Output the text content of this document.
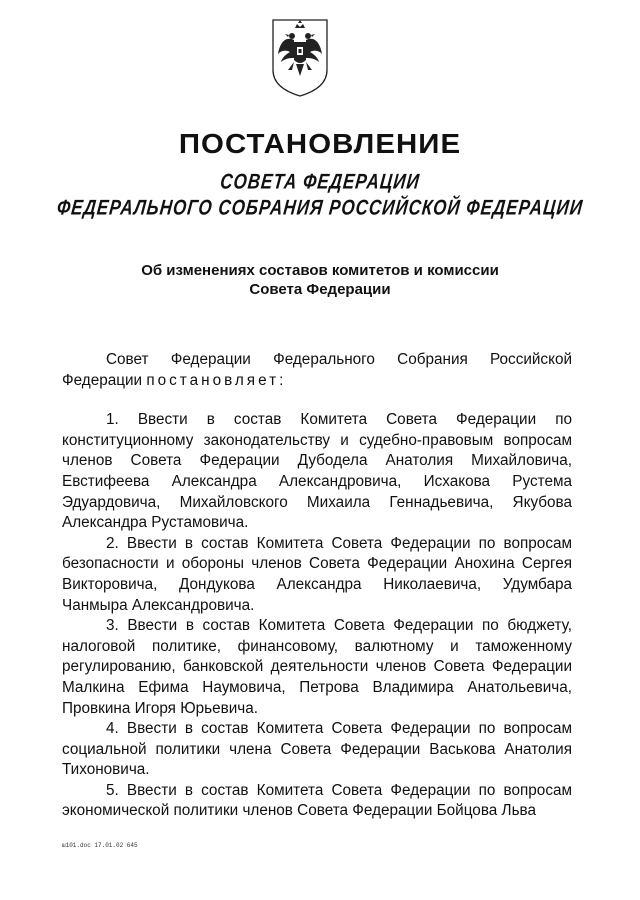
ПОСТАНОВЛЕНИЕ
СОВЕТА ФЕДЕРАЦИИ
ФЕДЕРАЛЬНОГО СОБРАНИЯ РОССИЙСКОЙ ФЕДЕРАЦИИ
Об изменениях составов комитетов и комиссии
Совета Федерации

Совет Федерации Федерального Собрания Российской Федерации постановляет:

1. Ввести в состав Комитета Совета Федерации по конституционному законодательству и судебно-правовым вопросам членов Совета Федерации Дубодела Анатолия Михайловича, Евстифеева Александра Александровича, Исхакова Рустема Эдуардовича, Михайловского Михаила Геннадьевича, Якубова Александра Рустамовича.

2. Ввести в состав Комитета Совета Федерации по вопросам безопасности и обороны членов Совета Федерации Анохина Сергея Викторовича, Дондукова Александра Николаевича, Удумбара Чанмыра Александровича.

3. Ввести в состав Комитета Совета Федерации по бюджету, налоговой политике, финансовому, валютному и таможенному регулированию, банковской деятельности членов Совета Федерации Малкина Ефима Наумовича, Петрова Владимира Анатольевича, Провкина Игоря Юрьевича.

4. Ввести в состав Комитета Совета Федерации по вопросам социальной политики члена Совета Федерации Васькова Анатолия Тихоновича.

5. Ввести в состав Комитета Совета Федерации по вопросам экономической политики членов Совета Федерации Бойцова Льва

ш101.doc 17.01.02 645
